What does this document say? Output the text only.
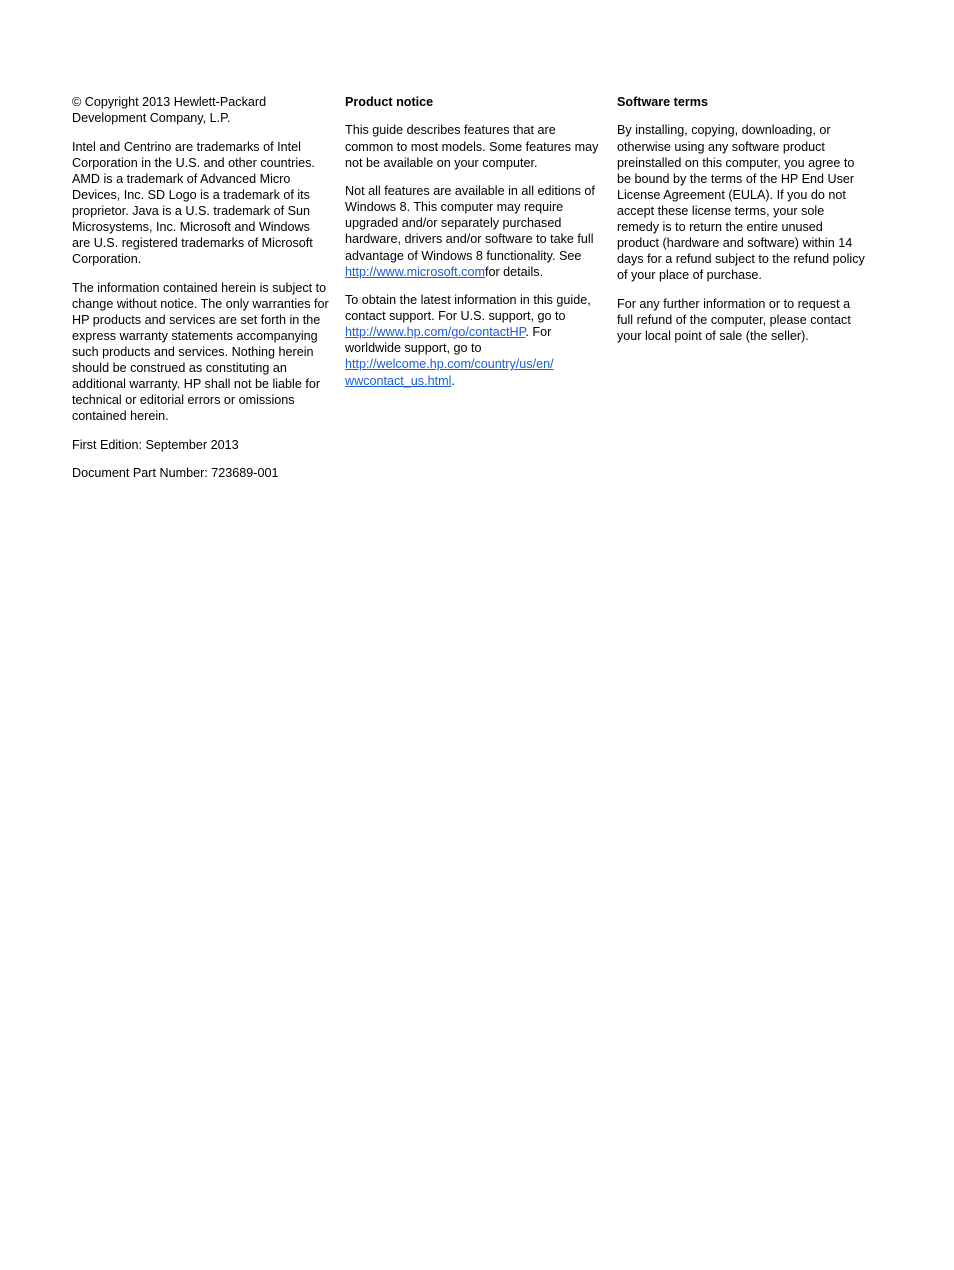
© Copyright 2013 Hewlett-Packard Development Company, L.P.

Intel and Centrino are trademarks of Intel Corporation in the U.S. and other countries. AMD is a trademark of Advanced Micro Devices, Inc. SD Logo is a trademark of its proprietor. Java is a U.S. trademark of Sun Microsystems, Inc. Microsoft and Windows are U.S. registered trademarks of Microsoft Corporation.

The information contained herein is subject to change without notice. The only warranties for HP products and services are set forth in the express warranty statements accompanying such products and services. Nothing herein should be construed as constituting an additional warranty. HP shall not be liable for technical or editorial errors or omissions contained herein.

First Edition: September 2013

Document Part Number: 723689-001

Product notice

This guide describes features that are common to most models. Some features may not be available on your computer.

Not all features are available in all editions of Windows 8. This computer may require upgraded and/or separately purchased hardware, drivers and/or software to take full advantage of Windows 8 functionality. See http://www.microsoft.comfor details.

To obtain the latest information in this guide, contact support. For U.S. support, go to http://www.hp.com/go/contactHP. For worldwide support, go to
http://welcome.hp.com/country/us/en/
wwcontact_us.html.

Software terms

By installing, copying, downloading, or otherwise using any software product preinstalled on this computer, you agree to be bound by the terms of the HP End User License Agreement (EULA). If you do not accept these license terms, your sole remedy is to return the entire unused product (hardware and software) within 14 days for a refund subject to the refund policy of your place of purchase.

For any further information or to request a full refund of the computer, please contact your local point of sale (the seller).
